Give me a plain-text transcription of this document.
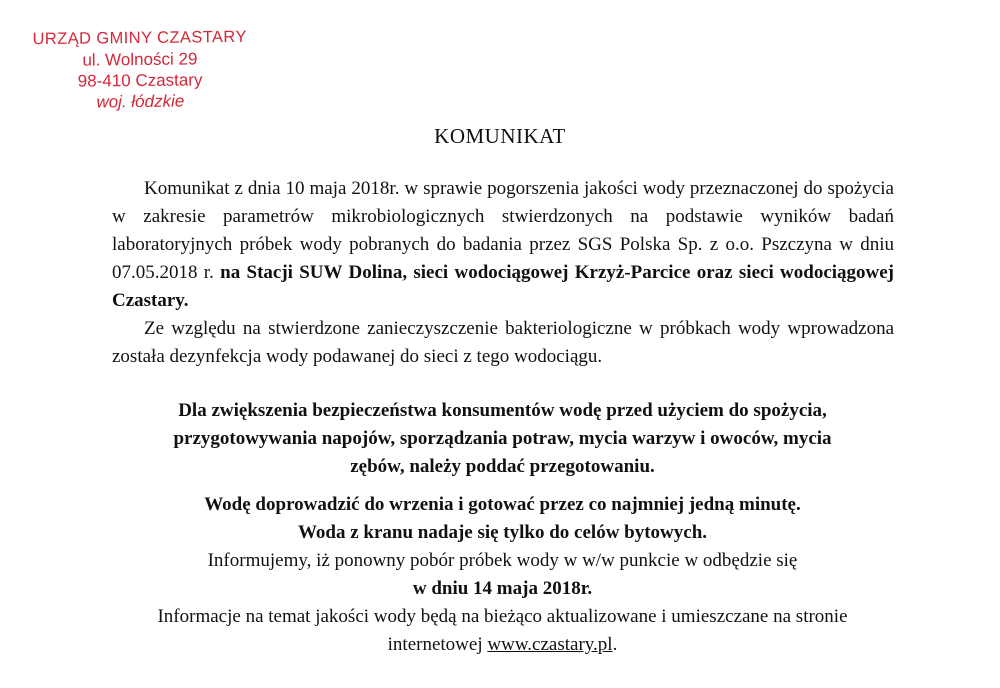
URZĄD GMINY CZASTARY
ul. Wolności 29
98-410 Czastary
woj. łódzkie
KOMUNIKAT
Komunikat z dnia 10 maja 2018r. w sprawie pogorszenia jakości wody przeznaczonej do spożycia w zakresie parametrów mikrobiologicznych stwierdzonych na podstawie wyników badań laboratoryjnych próbek wody pobranych do badania przez SGS Polska Sp. z o.o. Pszczyna w dniu 07.05.2018 r. na Stacji SUW Dolina, sieci wodociągowej Krzyż-Parcice oraz sieci wodociągowej Czastary.
Ze względu na stwierdzone zanieczyszczenie bakteriologiczne w próbkach wody wprowadzona została dezynfekcja wody podawanej do sieci z tego wodociągu.
Dla zwiększenia bezpieczeństwa konsumentów wodę przed użyciem do spożycia,
przygotowywania napojów, sporządzania potraw, mycia warzyw i owoców, mycia
zębów, należy poddać przegotowaniu.
Wodę doprowadzić do wrzenia i gotować przez co najmniej jedną minutę.
Woda z kranu nadaje się tylko do celów bytowych.
Informujemy, iż ponowny pobór próbek wody w w/w punkcie w odbędzie się
w dniu 14 maja 2018r.
Informacje na temat jakości wody będą na bieżąco aktualizowane i umieszczane na stronie
internetowej www.czastary.pl.
